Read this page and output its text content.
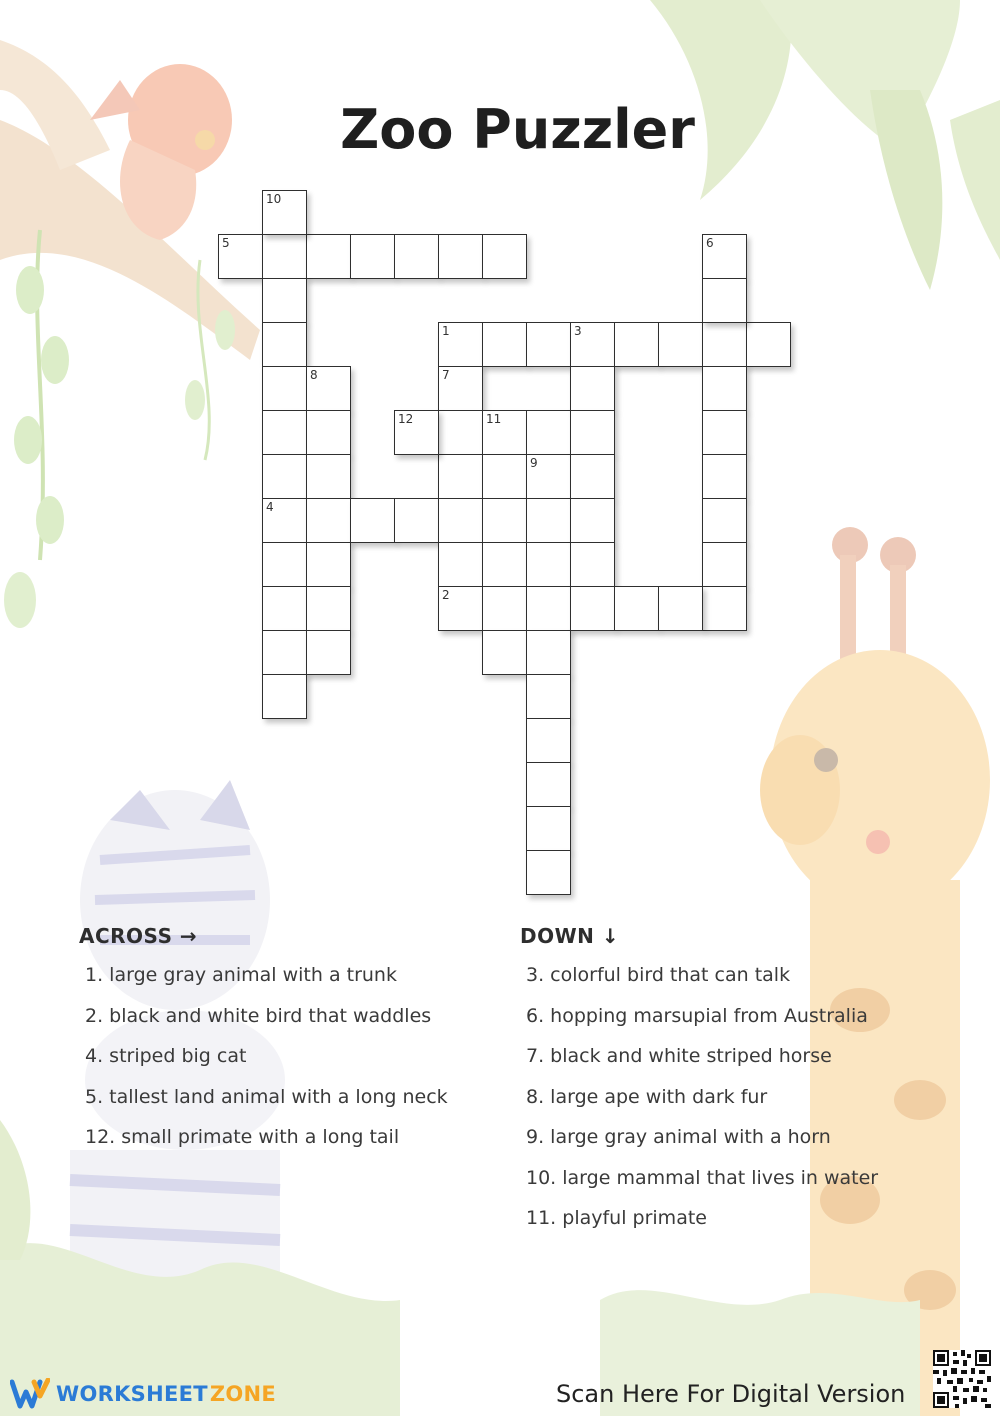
Zoo Puzzler
5
10
4
8
1	3
6
7
2
12	11
9
ACROSS →
1. large gray animal with a trunk
2. black and white bird that waddles
4. striped big cat
5. tallest land animal with a long neck
12. small primate with a long tail
DOWN ↓
3. colorful bird that can talk
6. hopping marsupial from Australia
7. black and white striped horse
8. large ape with dark fur
9. large gray animal with a horn
10. large mammal that lives in water
11. playful primate
WORKSHEET ZONE	Scan Here For Digital Version
